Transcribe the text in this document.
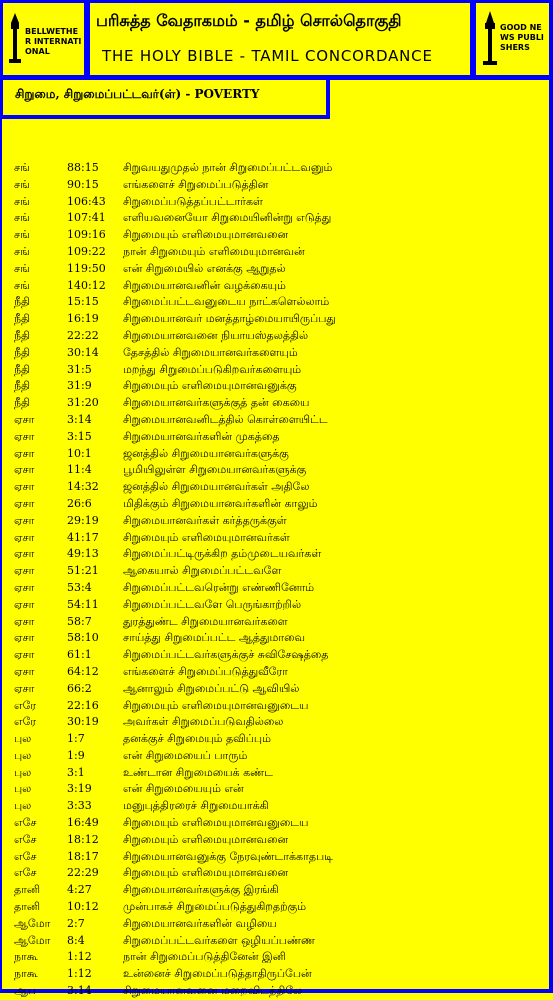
BELLWETHER INTERNATIONAL
பரிசுத்த வேதாகமம் - தமிழ் சொல்தொகுதி
THE HOLY BIBLE - TAMIL CONCORDANCE
GOOD NEWS PUBLISHERS
சிறுமை, சிறுமைப்பட்டவர்(ள்) - POVERTY
சங்	88:15 சிறுவயதுமுதல் நான் சிறுமைப்பட்டவனும்
சங்	90:15 எங்களைச் சிறுமைப்படுத்தின
சங்	106:43 சிறுமைப்படுத்தப்பட்டார்கள்
சங்	107:41 எளியவனையோ சிறுமையினின்று எடுத்து
சங்	109:16 சிறுமையும் எளிமையுமானவனை
சங்	109:22 நான் சிறுமையும் எளிமையுமானவன்
சங்	119:50 என் சிறுமையில் எனக்கு ஆறுதல்
சங்	140:12 சிறுமையானவனின் வழக்கையும்
நீதி	15:15 சிறுமைப்பட்டவனுடைய நாட்களெல்லாம்
நீதி	16:19 சிறுமையானவர் மனத்தாழ்மையாயிருப்பது
நீதி	22:22 சிறுமையானவனை நியாயஸ்தலத்தில்
நீதி	30:14 தேசத்தில் சிறுமையானவர்களையும்
நீதி	31:5	மறந்து சிறுமைப்படுகிறவர்களையும்
நீதி	31:9	சிறுமையும் எளிமையுமானவனுக்கு
நீதி	31:20 சிறுமையானவர்களுக்குத் தன் கையை
ஏசா	3:14	சிறுமையானவனிடத்தில் கொள்ளையிட்ட
ஏசா	3:15	சிறுமையானவர்களின் முகத்தை
ஏசா	10:1	ஜனத்தில் சிறுமையானவர்களுக்கு
ஏசா	11:4	பூமியிலுள்ள சிறுமையானவர்களுக்கு
ஏசா	14:32 ஜனத்தில் சிறுமையானவர்கள் அதிலே
ஏசா	26:6	மிதிக்கும் சிறுமையானவர்களின் காலும்
ஏசா	29:19 சிறுமையானவர்கள் கர்த்தருக்குள்
ஏசா	41:17 சிறுமையும் எளிமையுமானவர்கள்
ஏசா	49:13 சிறுமைப்பட்டிருக்கிற தம்முடையவர்கள்
ஏசா	51:21 ஆகையால் சிறுமைப்பட்டவளே
ஏசா	53:4	சிறுமைப்பட்டவரென்று எண்ணினோம்
ஏசா	54:11 சிறுமைப்பட்டவளே பெருங்காற்றில்
ஏசா	58:7	துரத்துண்ட சிறுமையானவர்களை
ஏசா	58:10 சாய்த்து சிறுமைப்பட்ட ஆத்துமாவை
ஏசா	61:1	சிறுமைப்பட்டவர்களுக்குச் சுவிசேஷத்தை
ஏசா	64:12 எங்களைச் சிறுமைப்படுத்துவீரோ
ஏசா	66:2	ஆனாலும் சிறுமைப்பட்டு ஆவியில்
எரே	22:16 சிறுமையும் எளிமையுமானவனுடைய
எரே	30:19 அவர்கள் சிறுமைப்படுவதில்லை
புல	1:7	தனக்குச் சிறுமையும் தவிப்பும்
புல	1:9	என் சிறுமையைப் பாரும்
புல	3:1	உண்டான சிறுமையைக் கண்ட
புல	3:19	என் சிறுமையையும் என்
புல	3:33	மனுபுத்திரரைச் சிறுமையாக்கி
எசே	16:49 சிறுமையும் எளிமையுமானவனுடைய
எசே	18:12 சிறுமையும் எளிமையுமானவனை
எசே	18:17 சிறுமையானவனுக்கு நேரவுண்டாக்காதபடி
எசே	22:29 சிறுமையும் எளிமையுமானவனை
தானி 4:27	சிறுமையானவர்களுக்கு இரங்கி
தானி 10:12 முன்பாகச் சிறுமைப்படுத்துகிறதற்கும்
ஆமோ 2:7	சிறுமையானவர்களின் வழியை
ஆமோ 8:4	சிறுமைப்பட்டவர்களை ஒழியப்பண்ண
நாகூ	1:12	நான் சிறுமைப்படுத்தினேன் இனி
நாகூ	1:12	உன்னைச் சிறுமைப்படுத்தாதிருப்பேன்
ஆப	3:14	சிறுமையானவனை மறைவிடத்திலே
